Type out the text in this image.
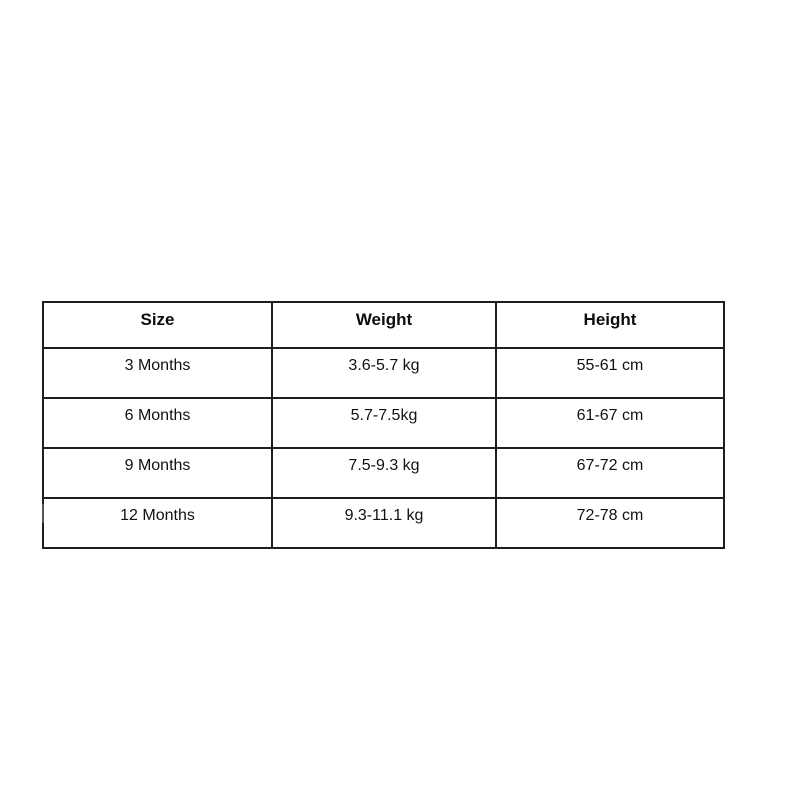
Size	Weight	Height
3 Months	3.6-5.7 kg	55-61 cm
6 Months	5.7-7.5kg	61-67 cm
9 Months	7.5-9.3 kg	67-72 cm
12 Months	9.3-11.1 kg	72-78 cm
